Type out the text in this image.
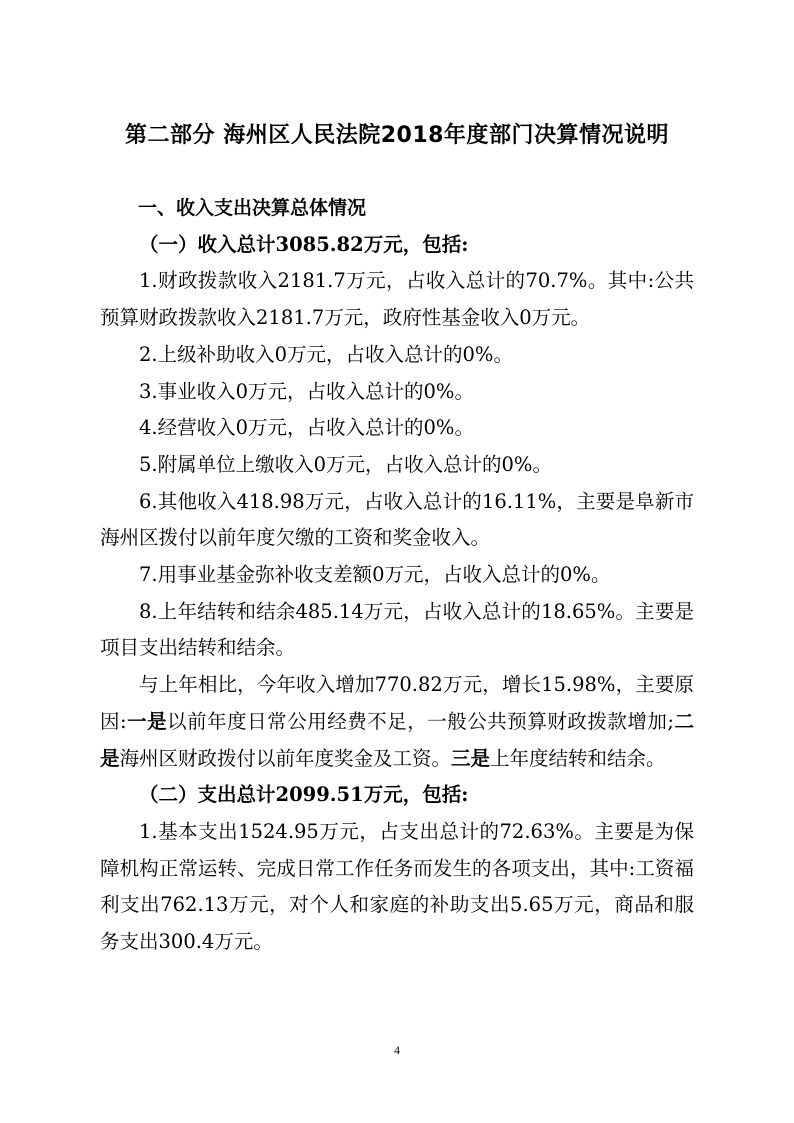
第二部分 海州区人民法院2018年度部门决算情况说明

一、收入支出决算总体情况

（一）收入总计3085.82万元，包括:

1.财政拨款收入2181.7万元，占收入总计的70.7%。其中:公共预算财政拨款收入2181.7万元，政府性基金收入0万元。

2.上级补助收入0万元，占收入总计的0%。

3.事业收入0万元，占收入总计的0%。

4.经营收入0万元，占收入总计的0%。

5.附属单位上缴收入0万元，占收入总计的0%。

6.其他收入418.98万元，占收入总计的16.11%，主要是阜新市海州区拨付以前年度欠缴的工资和奖金收入。

7.用事业基金弥补收支差额0万元，占收入总计的0%。

8.上年结转和结余485.14万元，占收入总计的18.65%。主要是项目支出结转和结余。

与上年相比，今年收入增加770.82万元，增长15.98%，主要原因:一是以前年度日常公用经费不足，一般公共预算财政拨款增加;二是海州区财政拨付以前年度奖金及工资。三是上年度结转和结余。

（二）支出总计2099.51万元，包括:

1.基本支出1524.95万元，占支出总计的72.63%。主要是为保障机构正常运转、完成日常工作任务而发生的各项支出，其中:工资福利支出762.13万元，对个人和家庭的补助支出5.65万元，商品和服务支出300.4万元。

4
